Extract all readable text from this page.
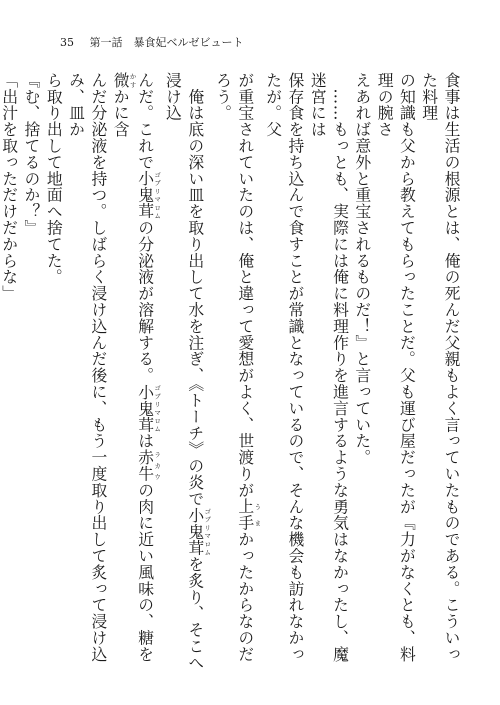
35 第一話　暴食妃ベルゼビュート

食事は生活の根源とは、俺の死んだ父親もよく言っていたものである。こういった料理

の知識も父から教えてもらったことだ。父も運び屋だったが『力がなくとも、料理の腕さ

えあれば意外と重宝されるものだ！』と言っていた。

　……もっとも、実際には俺に料理作りを進言するような勇気はなかったし、魔迷宮には

保存食を持ち込んで食すことが常識となっているので、そんな機会も訪れなかったが。父

が重宝されていたのは、俺と違って愛想がよく、世渡りが上手うまかったからなのだろう。

　俺は底の深い皿を取り出して水を注ぎ、《トーチ》の炎で小鬼茸ゴブリマロムを炙り、そこへ浸け込

んだ。これで小鬼茸ゴブリマロムの分泌液が溶解する。小鬼茸ゴブリマロムは赤牛ラカウの肉に近い風味の、糖を微かすかに含

んだ分泌液を持つ。しばらく浸け込んだ後に、もう一度取り出して炙って浸け込み、皿か

ら取り出して地面へ捨てた。

『む、捨てるのか？』

「出汁を取っただけだからな」
